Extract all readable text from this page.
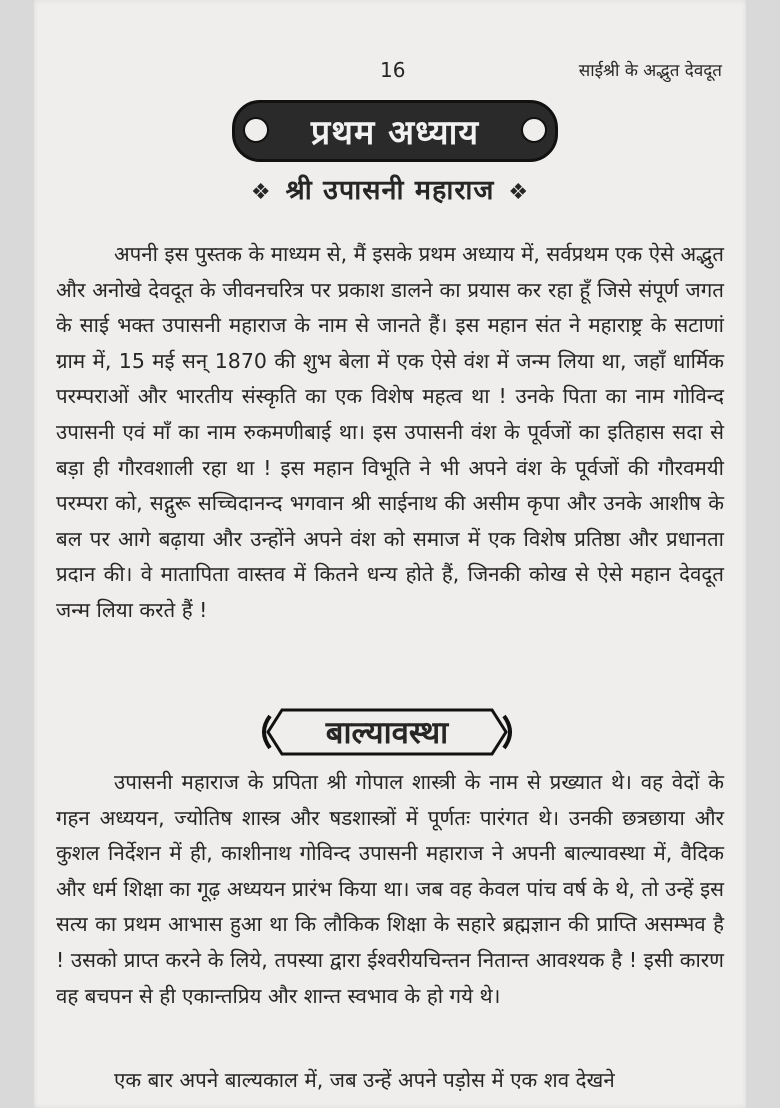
16	साईश्री के अद्भुत देवदूत
प्रथम अध्याय
❖ श्री उपासनी महाराज ❖

अपनी इस पुस्तक के माध्यम से, मैं इसके प्रथम अध्याय में, सर्वप्रथम एक ऐसे अद्भुत और अनोखे देवदूत के जीवनचरित्र पर प्रकाश डालने का प्रयास कर रहा हूँ जिसे संपूर्ण जगत के साई भक्त उपासनी महाराज के नाम से जानते हैं। इस महान संत ने महाराष्ट्र के सटाणां ग्राम में, 15 मई सन् 1870 की शुभ बेला में एक ऐसे वंश में जन्म लिया था, जहाँ धार्मिक परम्पराओं और भारतीय संस्कृति का एक विशेष महत्व था ! उनके पिता का नाम गोविन्द उपासनी एवं माँ का नाम रुकमणीबाई था। इस उपासनी वंश के पूर्वजों का इतिहास सदा से बड़ा ही गौरवशाली रहा था ! इस महान विभूति ने भी अपने वंश के पूर्वजों की गौरवमयी परम्परा को, सद्गुरू सच्चिदानन्द भगवान श्री साईनाथ की असीम कृपा और उनके आशीष के बल पर आगे बढ़ाया और उन्होंने अपने वंश को समाज में एक विशेष प्रतिष्ठा और प्रधानता प्रदान की। वे मातापिता वास्तव में कितने धन्य होते हैं, जिनकी कोख से ऐसे महान देवदूत जन्म लिया करते हैं !

बाल्यावस्था

उपासनी महाराज के प्रपिता श्री गोपाल शास्त्री के नाम से प्रख्यात थे। वह वेदों के गहन अध्ययन, ज्योतिष शास्त्र और षडशास्त्रों में पूर्णतः पारंगत थे। उनकी छत्रछाया और कुशल निर्देशन में ही, काशीनाथ गोविन्द उपासनी महाराज ने अपनी बाल्यावस्था में, वैदिक और धर्म शिक्षा का गूढ़ अध्ययन प्रारंभ किया था। जब वह केवल पांच वर्ष के थे, तो उन्हें इस सत्य का प्रथम आभास हुआ था कि लौकिक शिक्षा के सहारे ब्रह्मज्ञान की प्राप्ति असम्भव है ! उसको प्राप्त करने के लिये, तपस्या द्वारा ईश्वरीयचिन्तन नितान्त आवश्यक है ! इसी कारण वह बचपन से ही एकान्तप्रिय और शान्त स्वभाव के हो गये थे।

एक बार अपने बाल्यकाल में, जब उन्हें अपने पड़ोस में एक शव देखने
